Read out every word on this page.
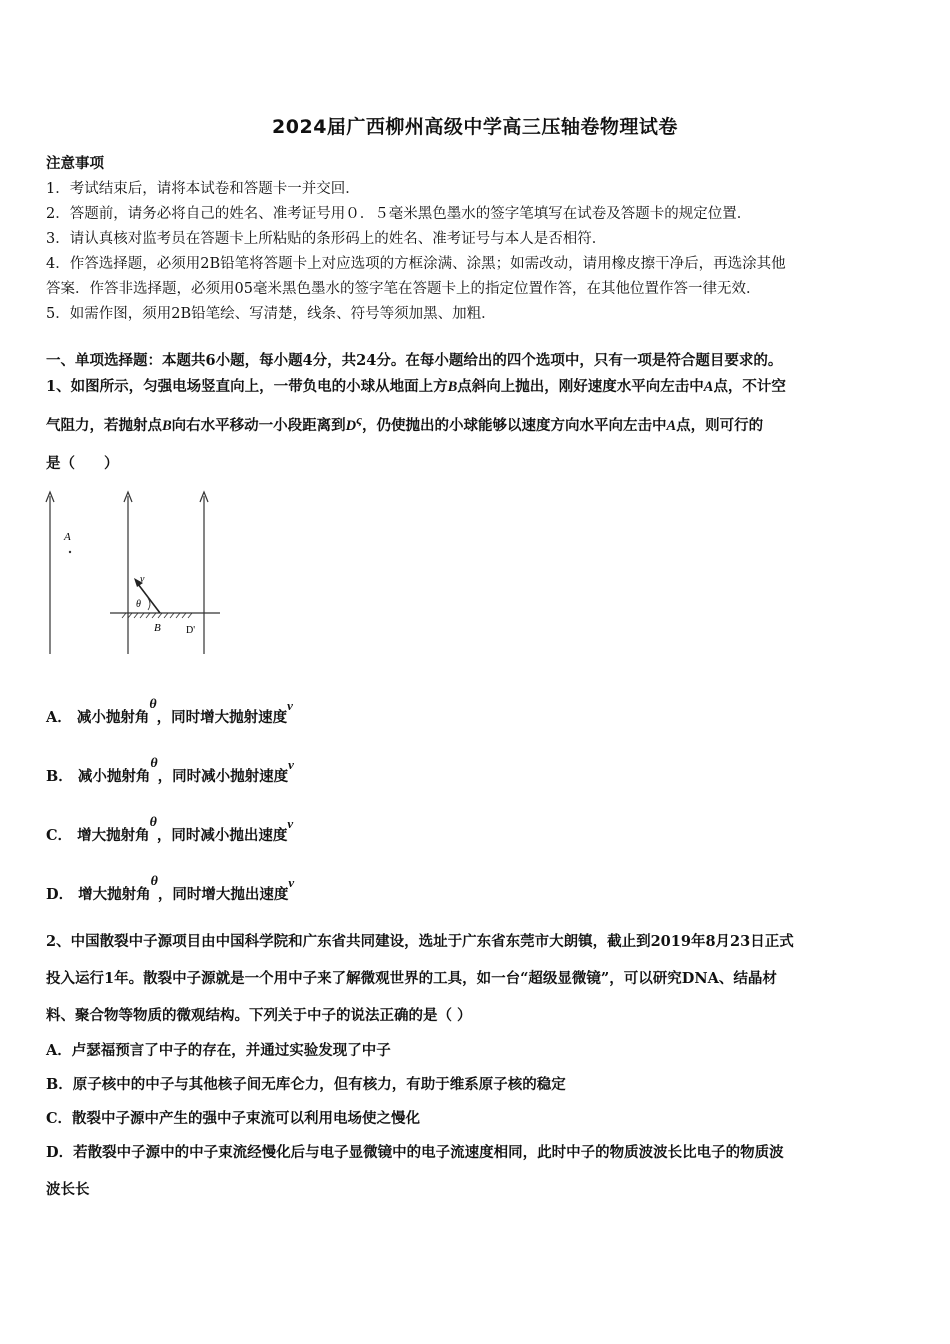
2024届广西柳州高级中学高三压轴卷物理试卷
注意事项
1．考试结束后，请将本试卷和答题卡一并交回．
2．答题前，请务必将自己的姓名、准考证号用０．５毫米黑色墨水的签字笔填写在试卷及答题卡的规定位置．
3．请认真核对监考员在答题卡上所粘贴的条形码上的姓名、准考证号与本人是否相符．
4．作答选择题，必须用2B铅笔将答题卡上对应选项的方框涂满、涂黑；如需改动，请用橡皮擦干净后，再选涂其他
答案．作答非选择题，必须用05毫米黑色墨水的签字笔在答题卡上的指定位置作答，在其他位置作答一律无效．
5．如需作图，须用2B铅笔绘、写清楚，线条、符号等须加黑、加粗．
一、单项选择题：本题共6小题，每小题4分，共24分。在每小题给出的四个选项中，只有一项是符合题目要求的。
1、如图所示，匀强电场竖直向上，一带负电的小球从地面上方B点斜向上抛出，刚好速度水平向左击中A点，不计空
气阻力，若抛射点B向右水平移动一小段距离到Dς，仍使抛出的小球能够以速度方向水平向左击中A点，则可行的
是（　　）
A
v
θ
B	D'
A． 减小抛射角θ，同时增大抛射速度v
B． 减小抛射角θ，同时减小抛射速度v
C． 增大抛射角θ，同时减小抛出速度v
D． 增大抛射角θ，同时增大抛出速度v
2、中国散裂中子源项目由中国科学院和广东省共同建设，选址于广东省东莞市大朗镇，截止到2019年8月23日正式
投入运行1年。散裂中子源就是一个用中子来了解微观世界的工具，如一台“超级显微镜”，可以研究DNA、结晶材
料、聚合物等物质的微观结构。下列关于中子的说法正确的是（ ）
A．卢瑟福预言了中子的存在，并通过实验发现了中子
B．原子核中的中子与其他核子间无库仑力，但有核力，有助于维系原子核的稳定
C．散裂中子源中产生的强中子束流可以利用电场使之慢化
D．若散裂中子源中的中子束流经慢化后与电子显微镜中的电子流速度相同，此时中子的物质波波长比电子的物质波
波长长
